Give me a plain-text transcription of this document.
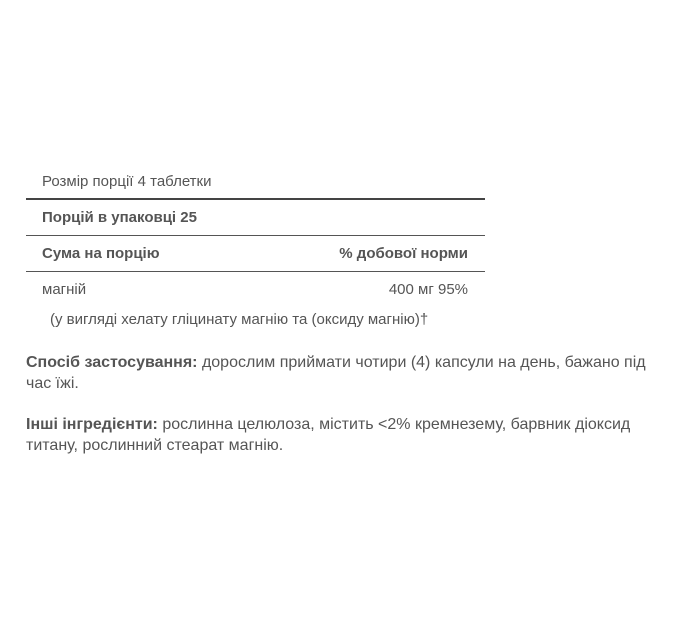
Розмір порції 4 таблетки
Порцій в упаковці 25
Сума на порцію	% добової норми
магній	400 мг 95%
(у вигляді хелату гліцинату магнію та (оксиду магнію)†
Спосіб застосування: дорослим приймати чотири (4) капсули на день, бажано під час їжі.
Інші інгредієнти: рослинна целюлоза, містить <2% кремнезему, барвник діоксид титану, рослинний стеарат магнію.
